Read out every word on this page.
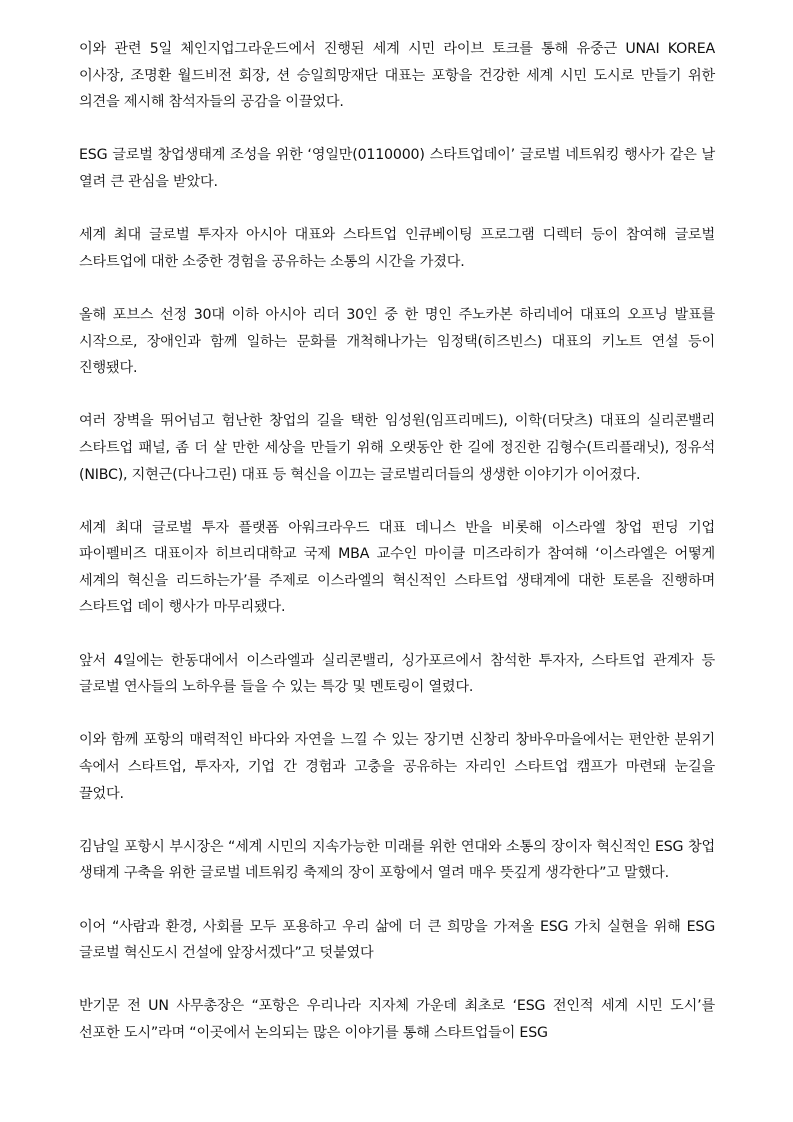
이와 관련 5일 체인지업그라운드에서 진행된 세계 시민 라이브 토크를 통해 유중근 UNAI KOREA 이사장, 조명환 월드비전 회장, 션 승일희망재단 대표는 포항을 건강한 세계 시민 도시로 만들기 위한 의견을 제시해 참석자들의 공감을 이끌었다.

ESG 글로벌 창업생태계 조성을 위한 ‘영일만(0110000) 스타트업데이’ 글로벌 네트워킹 행사가 같은 날 열려 큰 관심을 받았다.

세계 최대 글로벌 투자자 아시아 대표와 스타트업 인큐베이팅 프로그램 디렉터 등이 참여해 글로벌 스타트업에 대한 소중한 경험을 공유하는 소통의 시간을 가졌다.

올해 포브스 선정 30대 이하 아시아 리더 30인 중 한 명인 주노카본 하리네어 대표의 오프닝 발표를 시작으로, 장애인과 함께 일하는 문화를 개척해나가는 임정택(히즈빈스) 대표의 키노트 연설 등이 진행됐다.

여러 장벽을 뛰어넘고 험난한 창업의 길을 택한 임성원(임프리메드), 이학(더닷츠) 대표의 실리콘밸리 스타트업 패널, 좀 더 살 만한 세상을 만들기 위해 오랫동안 한 길에 정진한 김형수(트리플래닛), 정유석(NIBC), 지현근(다나그린) 대표 등 혁신을 이끄는 글로벌리더들의 생생한 이야기가 이어졌다.

세계 최대 글로벌 투자 플랫폼 아워크라우드 대표 데니스 반을 비롯해 이스라엘 창업 펀딩 기업 파이펠비즈 대표이자 히브리대학교 국제 MBA 교수인 마이클 미즈라히가 참여해 ‘이스라엘은 어떻게 세계의 혁신을 리드하는가’를 주제로 이스라엘의 혁신적인 스타트업 생태계에 대한 토론을 진행하며 스타트업 데이 행사가 마무리됐다.

앞서 4일에는 한동대에서 이스라엘과 실리콘밸리, 싱가포르에서 참석한 투자자, 스타트업 관계자 등 글로벌 연사들의 노하우를 들을 수 있는 특강 및 멘토링이 열렸다.

이와 함께 포항의 매력적인 바다와 자연을 느낄 수 있는 장기면 신창리 창바우마을에서는 편안한 분위기 속에서 스타트업, 투자자, 기업 간 경험과 고충을 공유하는 자리인 스타트업 캠프가 마련돼 눈길을 끌었다.

김남일 포항시 부시장은 “세계 시민의 지속가능한 미래를 위한 연대와 소통의 장이자 혁신적인 ESG 창업 생태계 구축을 위한 글로벌 네트워킹 축제의 장이 포항에서 열려 매우 뜻깊게 생각한다”고 말했다.

이어 “사람과 환경, 사회를 모두 포용하고 우리 삶에 더 큰 희망을 가져올 ESG 가치 실현을 위해 ESG 글로벌 혁신도시 건설에 앞장서겠다”고 덧붙였다

반기문 전 UN 사무총장은 “포항은 우리나라 지자체 가운데 최초로 ‘ESG 전인적 세계 시민 도시’를 선포한 도시”라며 “이곳에서 논의되는 많은 이야기를 통해 스타트업들이 ESG
